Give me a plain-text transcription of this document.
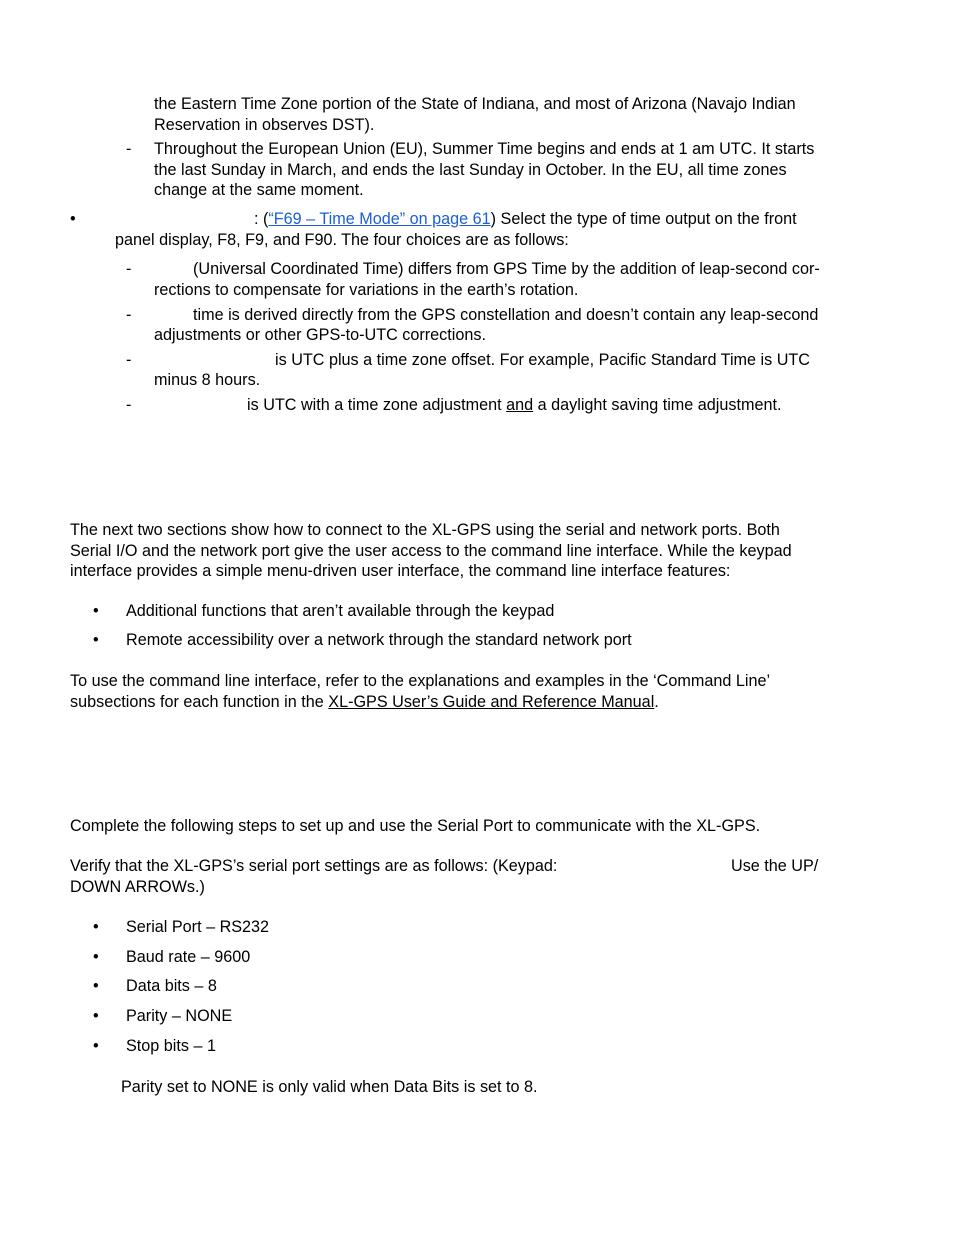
the Eastern Time Zone portion of the State of Indiana, and most of Arizona (Navajo Indian
Reservation in observes DST).

- Throughout the European Union (EU), Summer Time begins and ends at 1 am UTC. It starts
the last Sunday in March, and ends the last Sunday in October. In the EU, all time zones
change at the same moment.

•	: (“F69 – Time Mode” on page 61) Select the type of time output on the front

panel display, F8, F9, and F90. The four choices are as follows:

-	(Universal Coordinated Time) differs from GPS Time by the addition of leap-second cor-

rections to compensate for variations in the earth’s rotation.

-	time is derived directly from the GPS constellation and doesn’t contain any leap-second

adjustments or other GPS-to-UTC corrections.

-	is UTC plus a time zone offset. For example, Pacific Standard Time is UTC

minus 8 hours.

-	is UTC with a time zone adjustment and a daylight saving time adjustment.

The next two sections show how to connect to the XL-GPS using the serial and network ports. Both
Serial I/O and the network port give the user access to the command line interface. While the keypad
interface provides a simple menu-driven user interface, the command line interface features:

• Additional functions that aren’t available through the keypad

• Remote accessibility over a network through the standard network port

To use the command line interface, refer to the explanations and examples in the ‘Command Line’
subsections for each function in the XL-GPS User’s Guide and Reference Manual.

Complete the following steps to set up and use the Serial Port to communicate with the XL-GPS.

Verify that the XL-GPS’s serial port settings are as follows: (Keypad:	Use the UP/

DOWN ARROWs.)

• Serial Port – RS232

• Baud rate – 9600

• Data bits – 8

• Parity – NONE

• Stop bits – 1

Parity set to NONE is only valid when Data Bits is set to 8.
